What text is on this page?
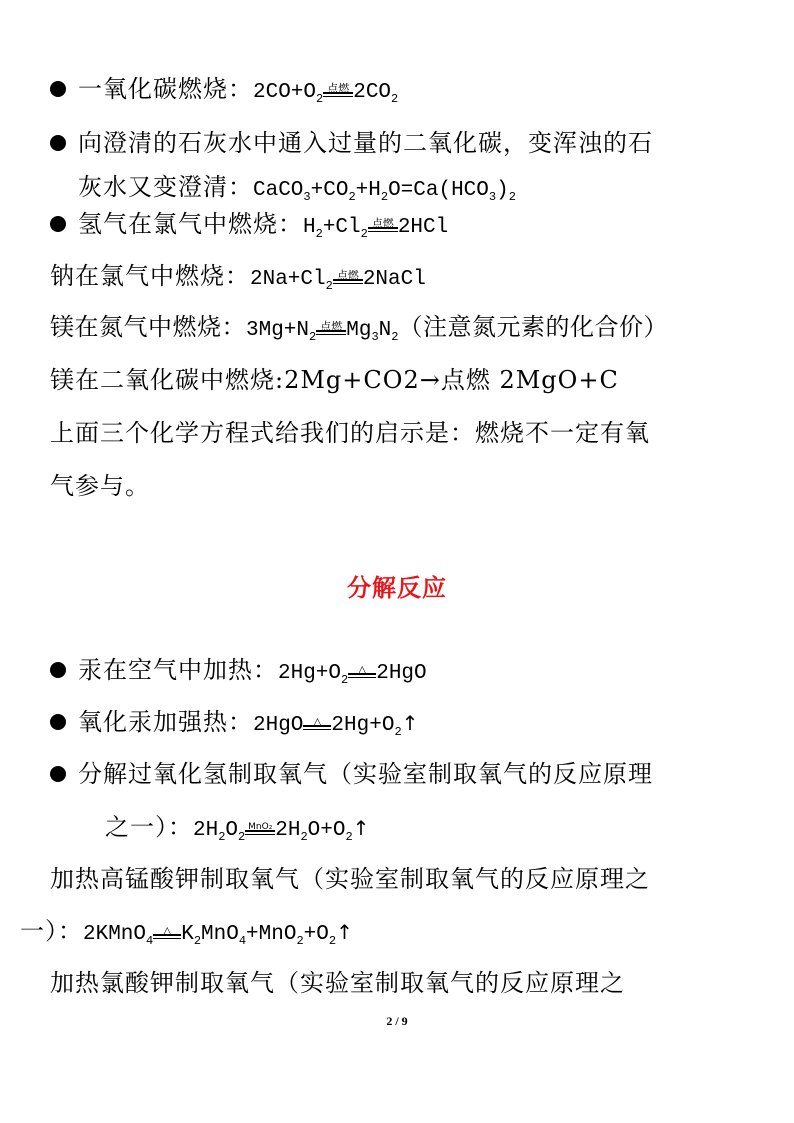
一氧化碳燃烧：$2CO+O_2$
点燃 $2CO_2$
向澄清的石灰水中通入过量的二氧化碳，变浑浊的石
灰水又变澄清：$CaCO_3+CO_2+H_2O=Ca(HCO_3)_2$
氢气在氯气中燃烧：$H_2+Cl_2$
点燃 2HCl
钠在氯气中燃烧：$2Na+Cl_2$
点燃 2NaCl
镁在氮气中燃烧：$3Mg+N_2$
点燃 $Mg_3N_2$（注意氮元素的化合价）
镁在二氧化碳中燃烧:2Mg+CO2→点燃 2MgO+C
上面三个化学方程式给我们的启示是：燃烧不一定有氧
气参与。
分解反应
汞在空气中加热：$2Hg+O_2$
△ 2HgO
氧化汞加强热：2HgO △ $2Hg+O_2↑$
分解过氧化氢制取氧气（实验室制取氧气的反应原理
之一）：$2H_2O_2$
MnO₂ $2H_2O+O_2↑$
加热高锰酸钾制取氧气（实验室制取氧气的反应原理之
一）：2KMnO$_4$
△ $K_2MnO_4+MnO_2+O_2↑$
加热氯酸钾制取氧气（实验室制取氧气的反应原理之
2 / 9
